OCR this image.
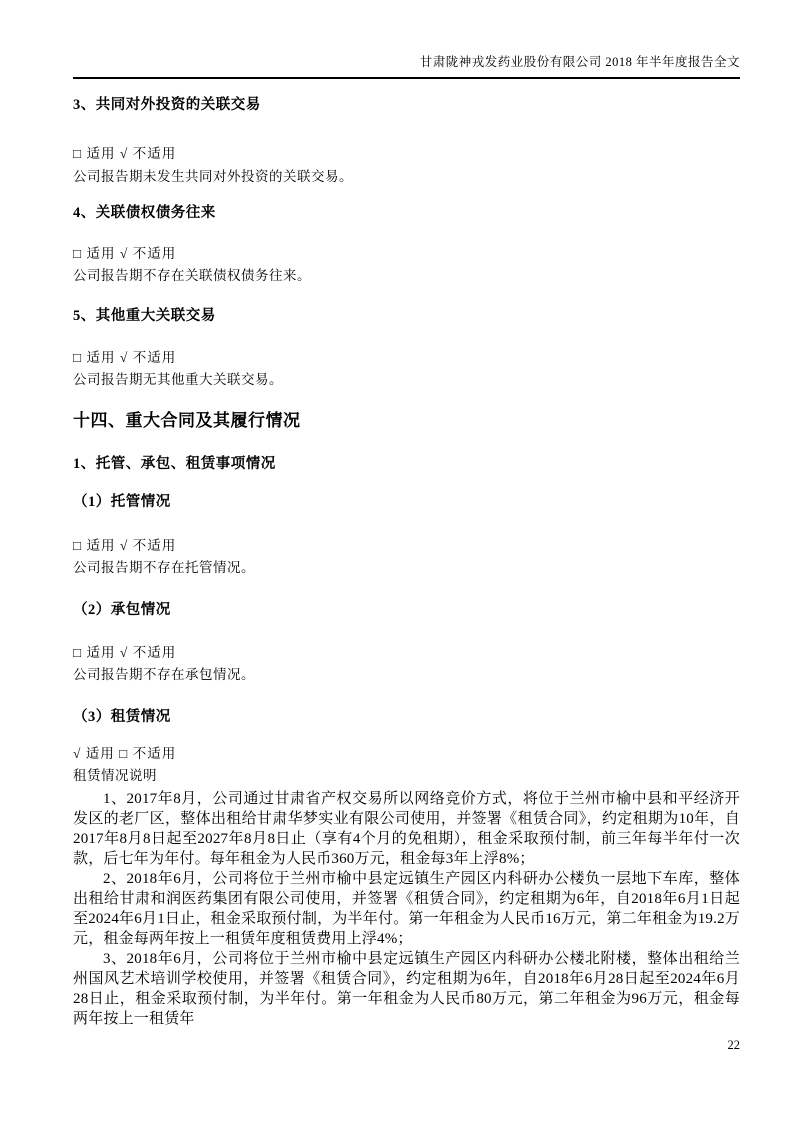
甘肃陇神戎发药业股份有限公司 2018 年半年度报告全文
3、共同对外投资的关联交易
□ 适用 √ 不适用
公司报告期未发生共同对外投资的关联交易。
4、关联债权债务往来
□ 适用 √ 不适用
公司报告期不存在关联债权债务往来。
5、其他重大关联交易
□ 适用 √ 不适用
公司报告期无其他重大关联交易。
十四、重大合同及其履行情况
1、托管、承包、租赁事项情况
（1）托管情况
□ 适用 √ 不适用
公司报告期不存在托管情况。
（2）承包情况
□ 适用 √ 不适用
公司报告期不存在承包情况。
（3）租赁情况
√ 适用 □ 不适用
租赁情况说明

1、2017年8月，公司通过甘肃省产权交易所以网络竞价方式，将位于兰州市榆中县和平经济开发区的老厂区，整体出租给甘肃华梦实业有限公司使用，并签署《租赁合同》，约定租期为10年，自2017年8月8日起至2027年8月8日止（享有4个月的免租期），租金采取预付制，前三年每半年付一次款，后七年为年付。每年租金为人民币360万元，租金每3年上浮8%；

2、2018年6月，公司将位于兰州市榆中县定远镇生产园区内科研办公楼负一层地下车库，整体出租给甘肃和润医药集团有限公司使用，并签署《租赁合同》，约定租期为6年，自2018年6月1日起至2024年6月1日止，租金采取预付制，为半年付。第一年租金为人民币16万元，第二年租金为19.2万元，租金每两年按上一租赁年度租赁费用上浮4%；

3、2018年6月，公司将位于兰州市榆中县定远镇生产园区内科研办公楼北附楼，整体出租给兰州国风艺术培训学校使用，并签署《租赁合同》，约定租期为6年，自2018年6月28日起至2024年6月28日止，租金采取预付制，为半年付。第一年租金为人民币80万元，第二年租金为96万元，租金每两年按上一租赁年

22
